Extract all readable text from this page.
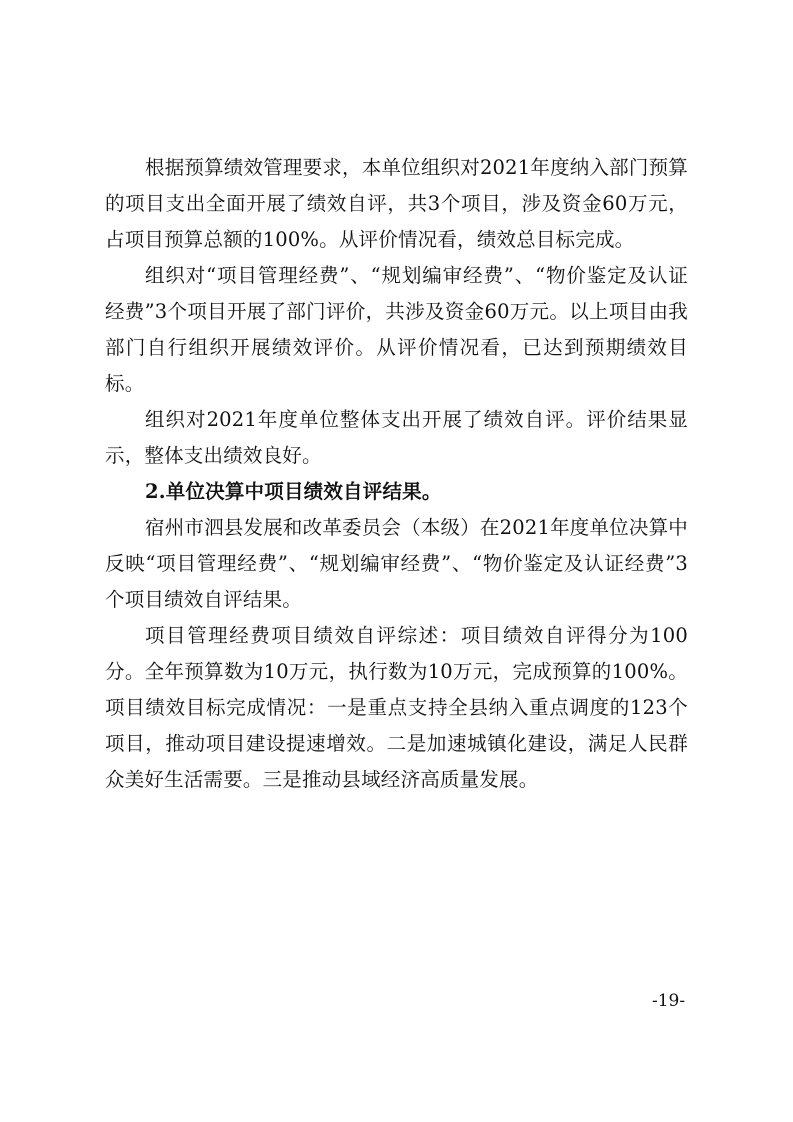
根据预算绩效管理要求，本单位组织对2021年度纳入部门预算的项目支出全面开展了绩效自评，共3个项目，涉及资金60万元，占项目预算总额的100%。从评价情况看，绩效总目标完成。

组织对“项目管理经费”、“规划编审经费”、“物价鉴定及认证经费”3个项目开展了部门评价，共涉及资金60万元。以上项目由我部门自行组织开展绩效评价。从评价情况看，已达到预期绩效目标。

组织对2021年度单位整体支出开展了绩效自评。评价结果显示，整体支出绩效良好。

2.单位决算中项目绩效自评结果。

宿州市泗县发展和改革委员会（本级）在2021年度单位决算中反映“项目管理经费”、“规划编审经费”、“物价鉴定及认证经费”3个项目绩效自评结果。

项目管理经费项目绩效自评综述：项目绩效自评得分为100分。全年预算数为10万元，执行数为10万元，完成预算的100%。项目绩效目标完成情况：一是重点支持全县纳入重点调度的123个项目，推动项目建设提速增效。二是加速城镇化建设，满足人民群众美好生活需要。三是推动县域经济高质量发展。

-19-
